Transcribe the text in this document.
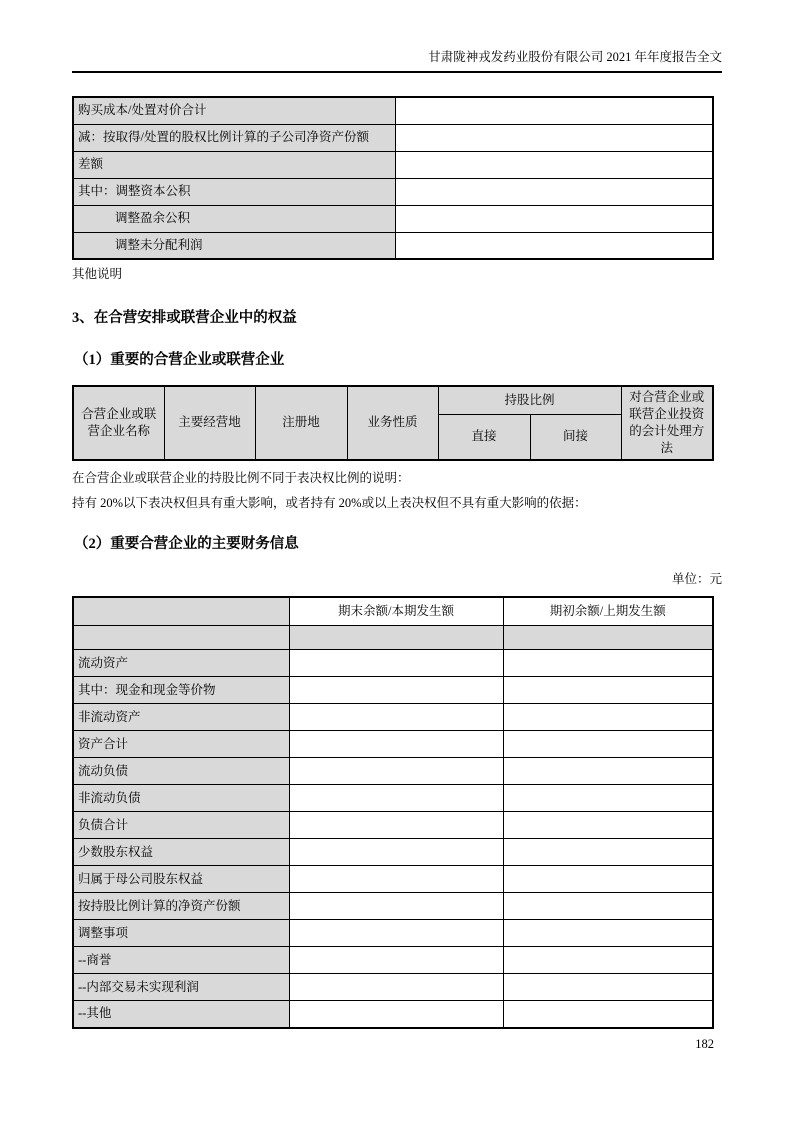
甘肃陇神戎发药业股份有限公司 2021 年年度报告全文
购买成本/处置对价合计	
减：按取得/处置的股权比例计算的子公司净资产份额	
差额	
其中：调整资本公积	
调整盈余公积	
调整未分配利润	

其他说明

3、在合营安排或联营企业中的权益

（1）重要的合营企业或联营企业

合营企业或联营企业名称	主要经营地	注册地	业务性质	持股比例		对合营企业或联营企业投资的会计处理方法
				直接	间接	

在合营企业或联营企业的持股比例不同于表决权比例的说明：

持有 20%以下表决权但具有重大影响，或者持有 20%或以上表决权但不具有重大影响的依据：

（2）重要合营企业的主要财务信息

单位：元

	期末余额/本期发生额	期初余额/上期发生额

流动资产		
其中：现金和现金等价物		
非流动资产		
资产合计		
流动负债		
非流动负债		
负债合计		
少数股东权益		
归属于母公司股东权益		
按持股比例计算的净资产份额		
调整事项		
--商誉		
--内部交易未实现利润		
--其他		
182
